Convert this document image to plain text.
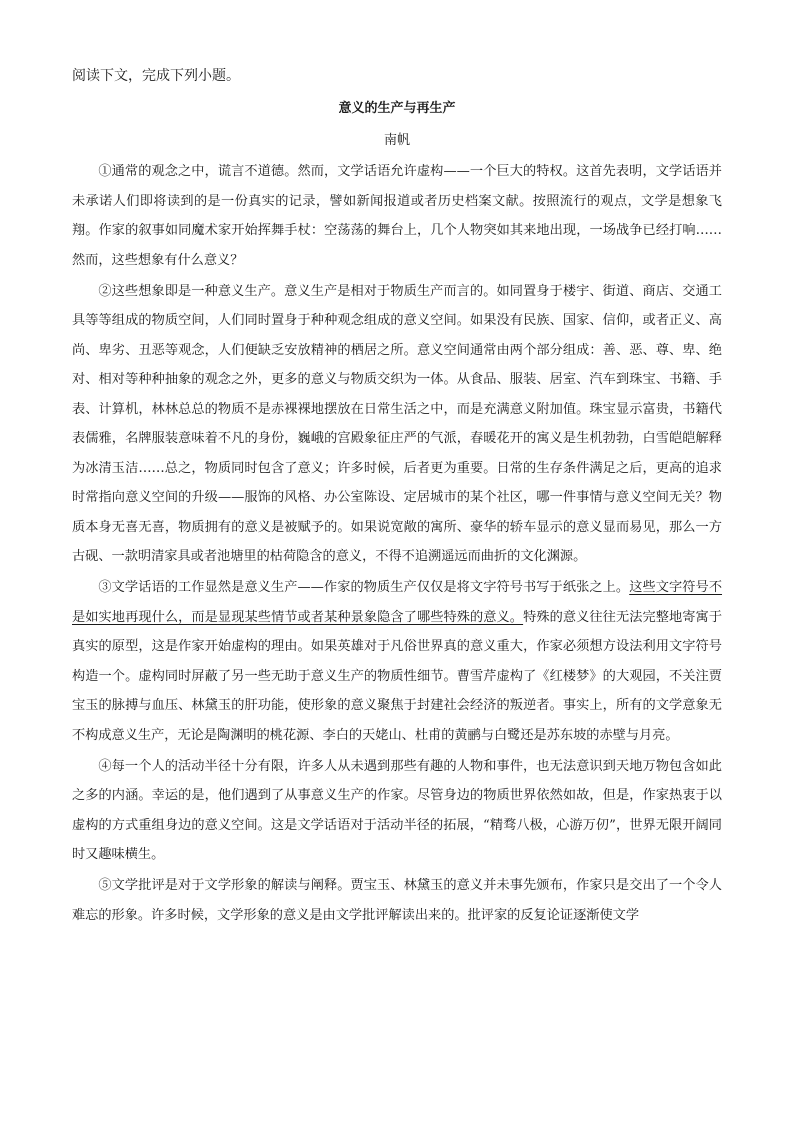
阅读下文，完成下列小题。
意义的生产与再生产
南帆

①通常的观念之中，谎言不道德。然而，文学话语允许虚构——一个巨大的特权。这首先表明，文学话语并未承诺人们即将读到的是一份真实的记录，譬如新闻报道或者历史档案文献。按照流行的观点，文学是想象飞翔。作家的叙事如同魔术家开始挥舞手杖：空荡荡的舞台上，几个人物突如其来地出现，一场战争已经打响……然而，这些想象有什么意义？

②这些想象即是一种意义生产。意义生产是相对于物质生产而言的。如同置身于楼宇、街道、商店、交通工具等等组成的物质空间，人们同时置身于种种观念组成的意义空间。如果没有民族、国家、信仰，或者正义、高尚、卑劣、丑恶等观念，人们便缺乏安放精神的栖居之所。意义空间通常由两个部分组成：善、恶、尊、卑、绝对、相对等种种抽象的观念之外，更多的意义与物质交织为一体。从食品、服装、居室、汽车到珠宝、书籍、手表、计算机，林林总总的物质不是赤裸裸地摆放在日常生活之中，而是充满意义附加值。珠宝显示富贵，书籍代表儒雅，名牌服装意味着不凡的身份，巍峨的宫殿象征庄严的气派，春暖花开的寓义是生机勃勃，白雪皑皑解释为冰清玉洁……总之，物质同时包含了意义；许多时候，后者更为重要。日常的生存条件满足之后，更高的追求时常指向意义空间的升级——服饰的风格、办公室陈设、定居城市的某个社区，哪一件事情与意义空间无关？物质本身无喜无喜，物质拥有的意义是被赋予的。如果说宽敞的寓所、豪华的轿车显示的意义显而易见，那么一方古砚、一款明清家具或者池塘里的枯荷隐含的意义，不得不追溯遥远而曲折的文化渊源。

③文学话语的工作显然是意义生产——作家的物质生产仅仅是将文字符号书写于纸张之上。这些文字符号不是如实地再现什么，而是显现某些情节或者某种景象隐含了哪些特殊的意义。特殊的意义往往无法完整地寄寓于真实的原型，这是作家开始虚构的理由。如果英雄对于凡俗世界真的意义重大，作家必须想方设法利用文字符号构造一个。虚构同时屏蔽了另一些无助于意义生产的物质性细节。曹雪芹虚构了《红楼梦》的大观园，不关注贾宝玉的脉搏与血压、林黛玉的肝功能，使形象的意义聚焦于封建社会经济的叛逆者。事实上，所有的文学意象无不构成意义生产，无论是陶渊明的桃花源、李白的天姥山、杜甫的黄鹂与白鹭还是苏东坡的赤壁与月亮。

④每一个人的活动半径十分有限，许多人从未遇到那些有趣的人物和事件，也无法意识到天地万物包含如此之多的内涵。幸运的是，他们遇到了从事意义生产的作家。尽管身边的物质世界依然如故，但是，作家热衷于以虚构的方式重组身边的意义空间。这是文学话语对于活动半径的拓展，“精骛八极，心游万仞”，世界无限开阔同时又趣味横生。

⑤文学批评是对于文学形象的解读与阐释。贾宝玉、林黛玉的意义并未事先颁布，作家只是交出了一个令人难忘的形象。许多时候，文学形象的意义是由文学批评解读出来的。批评家的反复论证逐渐使文学
